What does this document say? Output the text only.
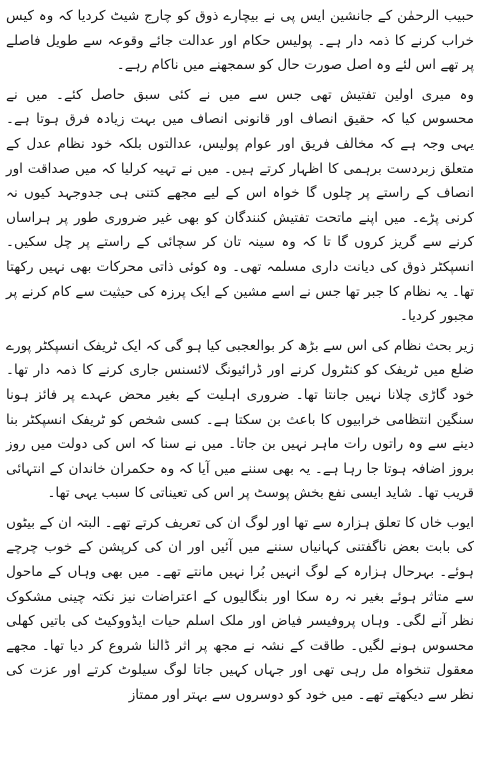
حبیب الرحمٰن کے جانشین ایس پی نے بیچارے ذوق کو چارج شیٹ کردیا کہ وہ کیس خراب کرنے کا ذمہ دار ہے۔ پولیس حکام اور عدالت جائے وقوعہ سے طویل فاصلے پر تھے اس لئے وہ اصل صورت حال کو سمجھنے میں ناکام رہے۔

وہ میری اولین تفتیش تھی جس سے میں نے کئی سبق حاصل کئے۔ میں نے محسوس کیا کہ حقیق انصاف اور قانونی انصاف میں بہت زیادہ فرق ہوتا ہے۔ یہی وجہ ہے کہ مخالف فریق اور عوام پولیس، عدالتوں بلکہ خود نظام عدل کے متعلق زبردست برہمی کا اظہار کرتے ہیں۔ میں نے تہیہ کرلیا کہ میں صداقت اور انصاف کے راستے پر چلوں گا خواہ اس کے لیے مجھے کتنی ہی جدوجہد کیوں نہ کرنی پڑے۔ میں اپنے ماتحت تفتیش کنندگان کو بھی غیر ضروری طور پر ہراساں کرنے سے گریز کروں گا تا کہ وہ سینہ تان کر سچائی کے راستے پر چل سکیں۔ انسپکٹر ذوق کی دیانت داری مسلمہ تھی۔ وہ کوئی ذاتی محرکات بھی نہیں رکھتا تھا۔ یہ نظام کا جبر تھا جس نے اسے مشین کے ایک پرزہ کی حیثیت سے کام کرنے پر مجبور کردیا۔

زیر بحث نظام کی اس سے بڑھ کر بوالعجبی کیا ہو گی کہ ایک ٹریفک انسپکٹر پورے ضلع میں ٹریفک کو کنٹرول کرنے اور ڈرائیونگ لائسنس جاری کرنے کا ذمہ دار تھا۔ خود گاڑی چلانا نہیں جانتا تھا۔ ضروری اہلیت کے بغیر محض عہدے پر فائز ہونا سنگین انتظامی خرابیوں کا باعث بن سکتا ہے۔ کسی شخص کو ٹریفک انسپکٹر بنا دینے سے وہ راتوں رات ماہر نہیں بن جاتا۔ میں نے سنا کہ اس کی دولت میں روز بروز اضافہ ہوتا جا رہا ہے۔ یہ بھی سننے میں آیا کہ وہ حکمران خاندان کے انتہائی قریب تھا۔ شاید ایسی نفع بخش پوسٹ پر اس کی تعیناتی کا سبب یہی تھا۔

ایوب خاں کا تعلق ہزارہ سے تھا اور لوگ ان کی تعریف کرتے تھے۔ البتہ ان کے بیٹوں کی بابت بعض ناگفتنی کہانیاں سننے میں آئیں اور ان کی کرپشن کے خوب چرچے ہوئے۔ بہرحال ہزارہ کے لوگ انہیں بُرا نہیں مانتے تھے۔ میں بھی وہاں کے ماحول سے متاثر ہوئے بغیر نہ رہ سکا اور بنگالیوں کے اعتراضات نیز نکتہ چینی مشکوک نظر آنے لگی۔ وہاں پروفیسر فیاض اور ملک اسلم حیات ایڈووکیٹ کی باتیں کھلی محسوس ہونے لگیں۔ طاقت کے نشہ نے مجھ پر اثر ڈالنا شروع کر دیا تھا۔ مجھے معقول تنخواہ مل رہی تھی اور جہاں کہیں جاتا لوگ سیلوٹ کرتے اور عزت کی نظر سے دیکھتے تھے۔ میں خود کو دوسروں سے بہتر اور ممتاز
